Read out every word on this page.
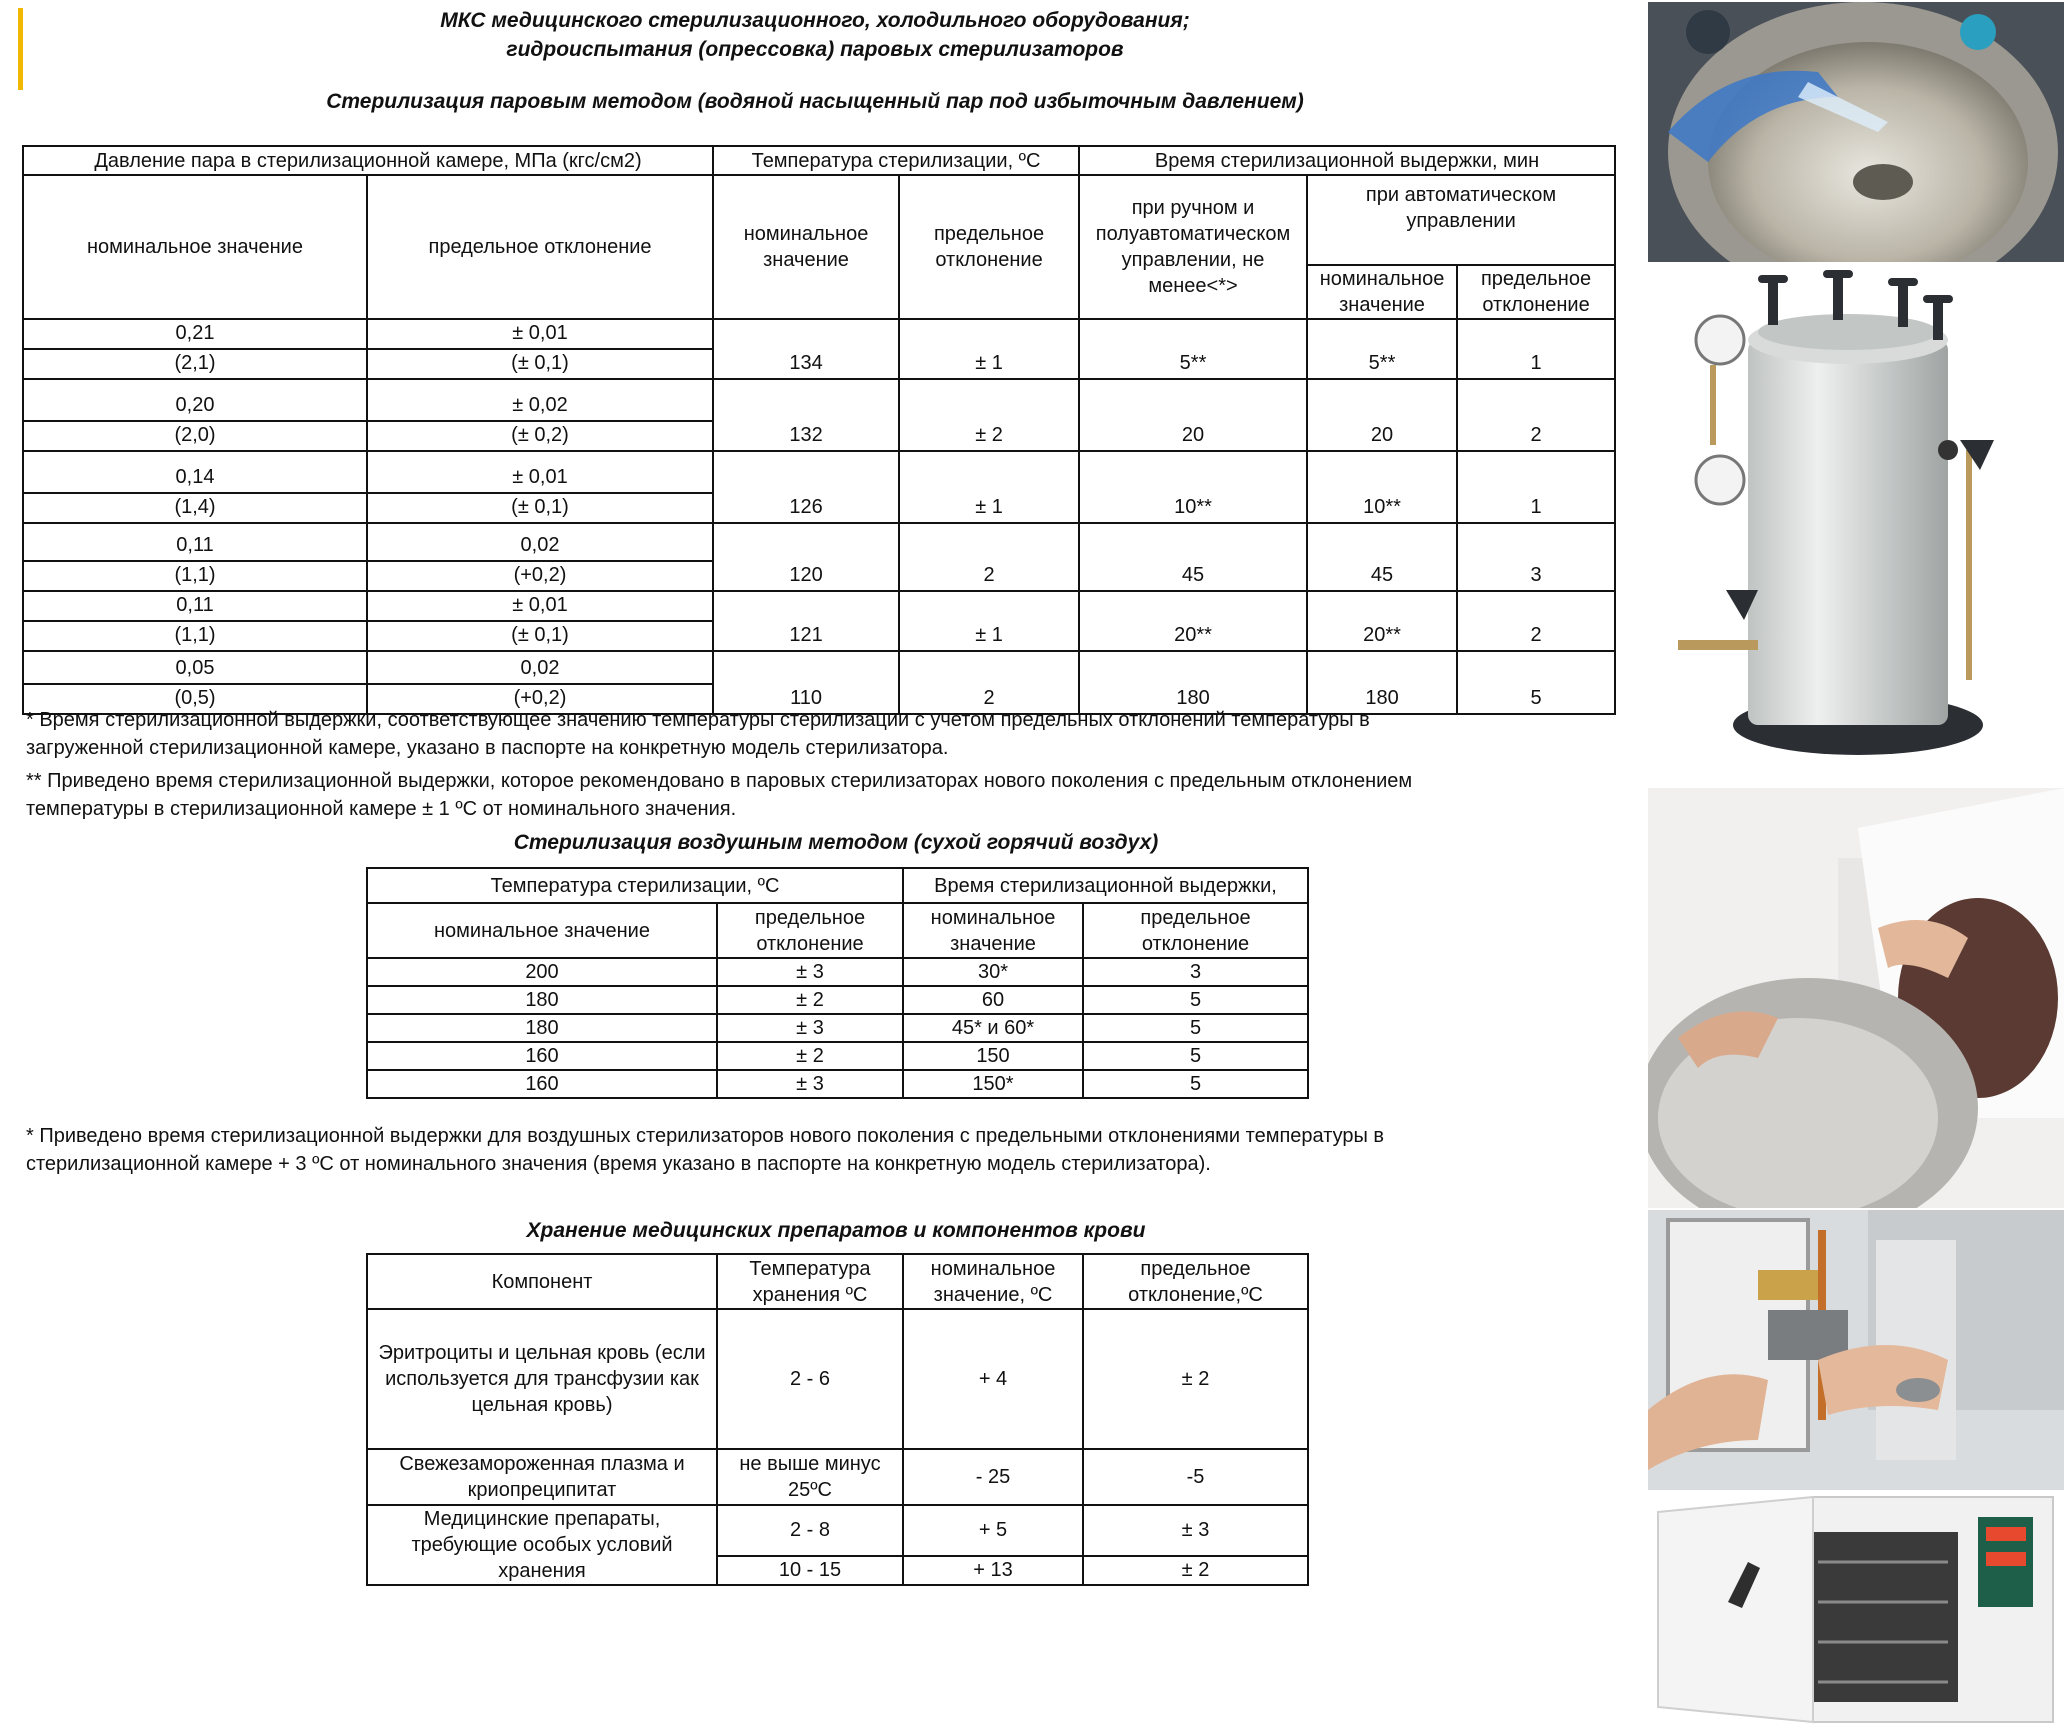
МКС медицинского стерилизационного, холодильного оборудования;
гидроиспытания (опрессовка) паровых стерилизаторов
Стерилизация паровым методом (водяной насыщенный пар под избыточным давлением)
Давление пара в стерилизационной камере, МПа (кгс/см2)		Температура стерилизации, ºС		Время стерилизационной выдержки, мин		
номинальное значение	предельное отклонение	номинальное значение	предельное отклонение	при ручном и полуавтоматическом управлении, не менее<*>	при автоматическом управлении	
					номинальное значение	предельное отклонение
0,21	± 0,01	134	± 1	5**	5**	1
(2,1)	(± 0,1)					
0,20	± 0,02	132	± 2	20	20	2
(2,0)	(± 0,2)					
0,14	± 0,01	126	± 1	10**	10**	1
(1,4)	(± 0,1)					
0,11	0,02	120	2	45	45	3
(1,1)	(+0,2)					
0,11	± 0,01	121	± 1	20**	20**	2
(1,1)	(± 0,1)					
0,05	0,02	110	2	180	180	5
(0,5)	(+0,2)					
* Время стерилизационной выдержки, соответствующее значению температуры стерилизации с учетом предельных отклонений температуры в
загруженной стерилизационной камере, указано в паспорте на конкретную модель стерилизатора.
** Приведено время стерилизационной выдержки, которое рекомендовано в паровых стерилизаторах нового поколения с предельным отклонением
температуры в стерилизационной камере ± 1 ºС от номинального значения.
Стерилизация воздушным методом (сухой горячий воздух)
Температура стерилизации, ºС		Время стерилизационной выдержки,	
номинальное значение	предельное отклонение	номинальное значение	предельное отклонение
200	± 3	30*	3
180	± 2	60	5
180	± 3	45* и 60*	5
160	± 2	150	5
160	± 3	150*	5
* Приведено время стерилизационной выдержки для воздушных стерилизаторов нового поколения с предельными отклонениями температуры в
стерилизационной камере + 3 ºС от номинального значения (время указано в паспорте на конкретную модель стерилизатора).
Хранение медицинских препаратов и компонентов крови
Компонент	Температура хранения ºС	номинальное значение, ºС	предельное отклонение,ºС
Эритроциты и цельная кровь (если используется для трансфузии как цельная кровь)	2 - 6	+ 4	± 2
Свежезамороженная плазма и криопреципитат	не выше минус 25ºС	- 25	-5
Медицинские препараты, требующие особых условий хранения	2 - 8	+ 5	± 3
	10 - 15	+ 13	± 2
